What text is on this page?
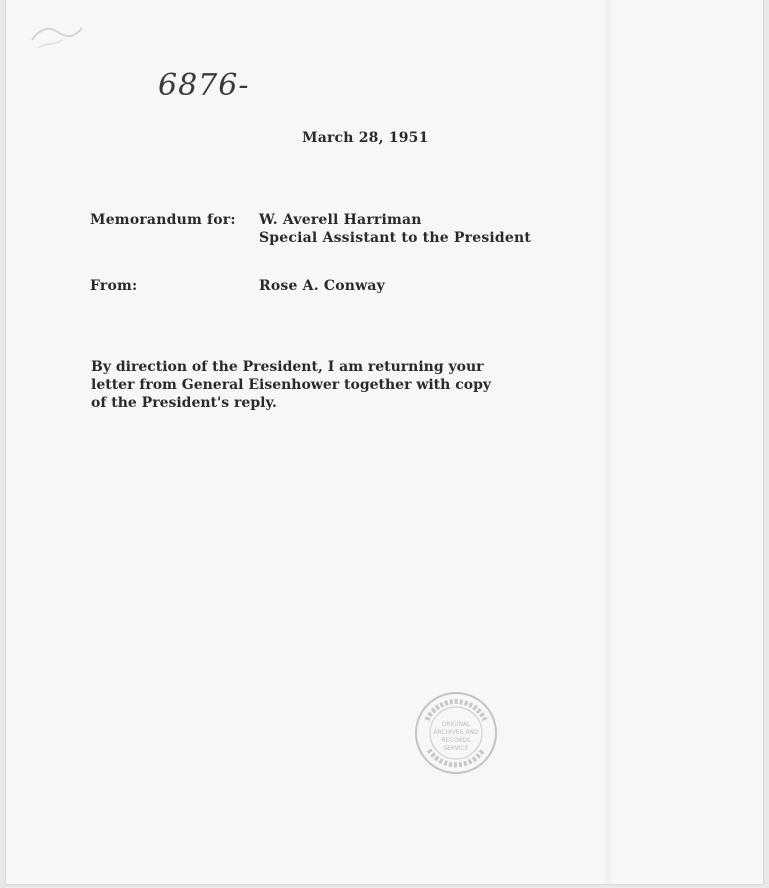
6876-
March 28, 1951
Memorandum for: W. Averell Harriman
Special Assistant to the President
From:	Rose A. Conway
By direction of the President, I am returning your
letter from General Eisenhower together with copy
of the President's reply.
ORIGINAL
ARCHIVES AND
RECORDS
SERVICE
